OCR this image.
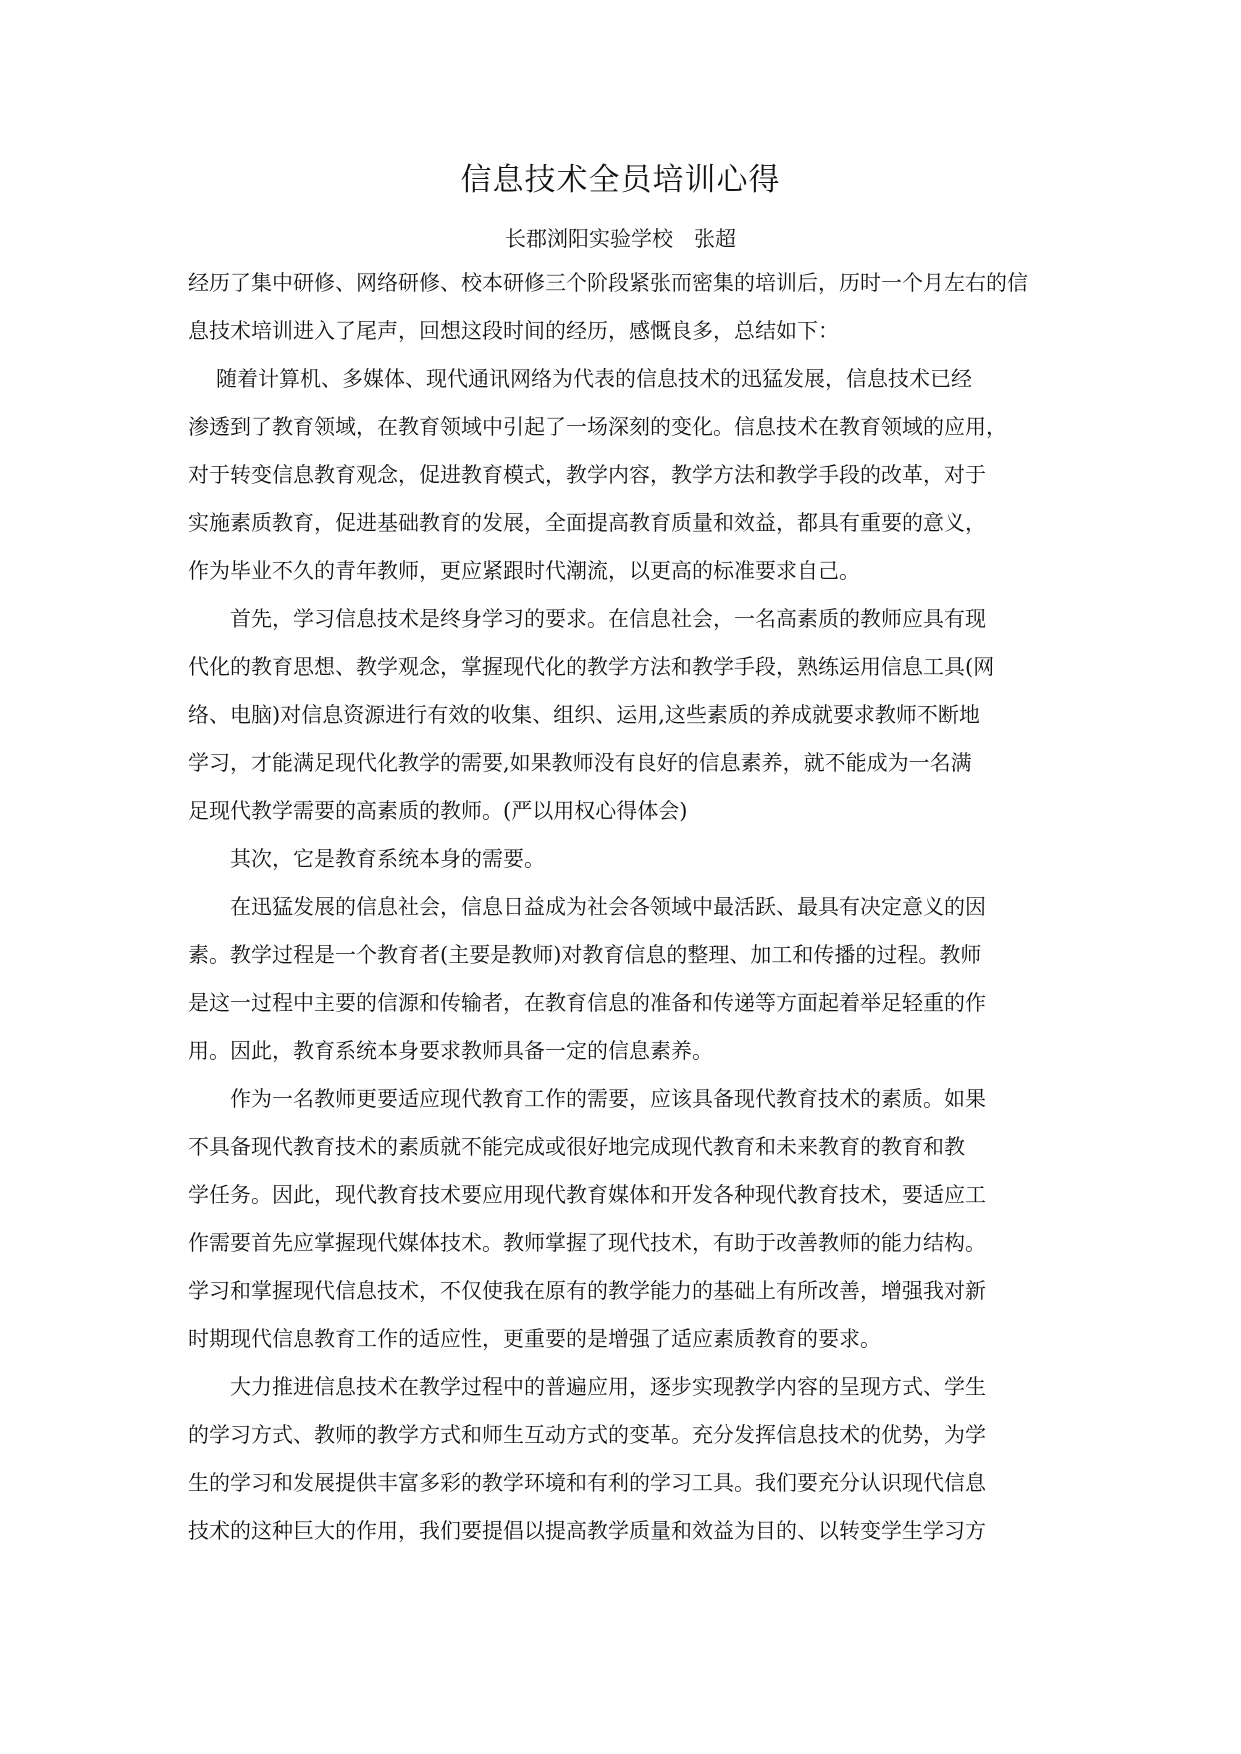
信息技术全员培训心得
长郡浏阳实验学校　张超
经历了集中研修、网络研修、校本研修三个阶段紧张而密集的培训后，历时一个月左右的信
息技术培训进入了尾声，回想这段时间的经历，感慨良多，总结如下：
随着计算机、多媒体、现代通讯网络为代表的信息技术的迅猛发展，信息技术已经
渗透到了教育领域，在教育领域中引起了一场深刻的变化。信息技术在教育领域的应用，
对于转变信息教育观念，促进教育模式，教学内容，教学方法和教学手段的改革，对于
实施素质教育，促进基础教育的发展，全面提高教育质量和效益，都具有重要的意义，
作为毕业不久的青年教师，更应紧跟时代潮流，以更高的标准要求自己。
首先，学习信息技术是终身学习的要求。在信息社会，一名高素质的教师应具有现
代化的教育思想、教学观念，掌握现代化的教学方法和教学手段，熟练运用信息工具(网
络、电脑)对信息资源进行有效的收集、组织、运用,这些素质的养成就要求教师不断地
学习，才能满足现代化教学的需要,如果教师没有良好的信息素养，就不能成为一名满
足现代教学需要的高素质的教师。(严以用权心得体会)
其次，它是教育系统本身的需要。
在迅猛发展的信息社会，信息日益成为社会各领域中最活跃、最具有决定意义的因
素。教学过程是一个教育者(主要是教师)对教育信息的整理、加工和传播的过程。教师
是这一过程中主要的信源和传输者，在教育信息的准备和传递等方面起着举足轻重的作
用。因此，教育系统本身要求教师具备一定的信息素养。
作为一名教师更要适应现代教育工作的需要，应该具备现代教育技术的素质。如果
不具备现代教育技术的素质就不能完成或很好地完成现代教育和未来教育的教育和教
学任务。因此，现代教育技术要应用现代教育媒体和开发各种现代教育技术，要适应工
作需要首先应掌握现代媒体技术。教师掌握了现代技术，有助于改善教师的能力结构。
学习和掌握现代信息技术，不仅使我在原有的教学能力的基础上有所改善，增强我对新
时期现代信息教育工作的适应性，更重要的是增强了适应素质教育的要求。
大力推进信息技术在教学过程中的普遍应用，逐步实现教学内容的呈现方式、学生
的学习方式、教师的教学方式和师生互动方式的变革。充分发挥信息技术的优势，为学
生的学习和发展提供丰富多彩的教学环境和有利的学习工具。我们要充分认识现代信息
技术的这种巨大的作用，我们要提倡以提高教学质量和效益为目的、以转变学生学习方
